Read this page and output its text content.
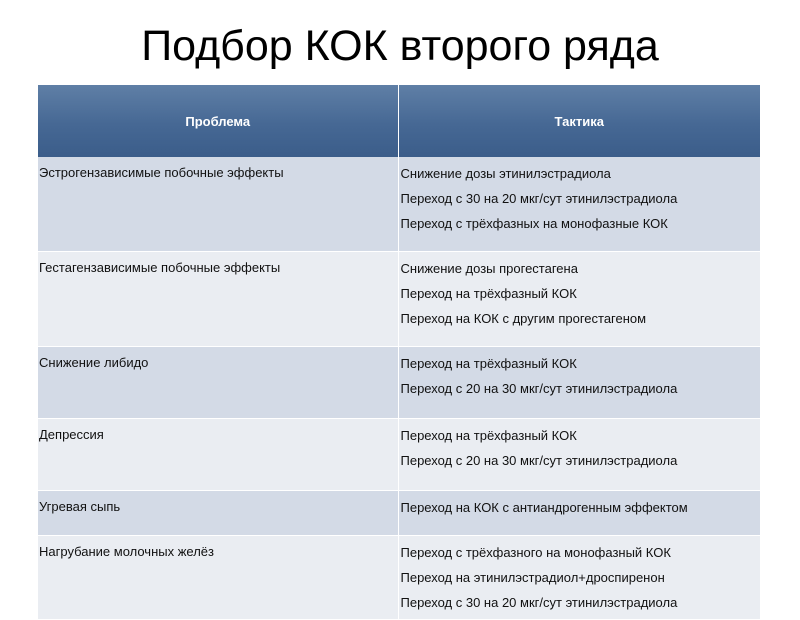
Подбор КОК второго ряда
Проблема	Тактика
Эстрогензависимые побочные эффекты	Снижение дозы этинилэстрадиола
Переход с 30 на 20 мкг/сут этинилэстрадиола
Переход с трёхфазных на монофазные КОК

Гестагензависимые побочные эффекты	Снижение дозы прогестагена
Переход на трёхфазный КОК
Переход на КОК с другим прогестагеном

Снижение либидо	Переход на трёхфазный КОК
Переход с 20 на 30 мкг/сут этинилэстрадиола

Депрессия	Переход на трёхфазный КОК
Переход с 20 на 30 мкг/сут этинилэстрадиола

Угревая сыпь	Переход на КОК с антиандрогенным эффектом

Нагрубание молочных желёз	Переход с трёхфазного на монофазный КОК
Переход на этинилэстрадиол+дроспиренон
Переход с 30 на 20 мкг/сут этинилэстрадиола
